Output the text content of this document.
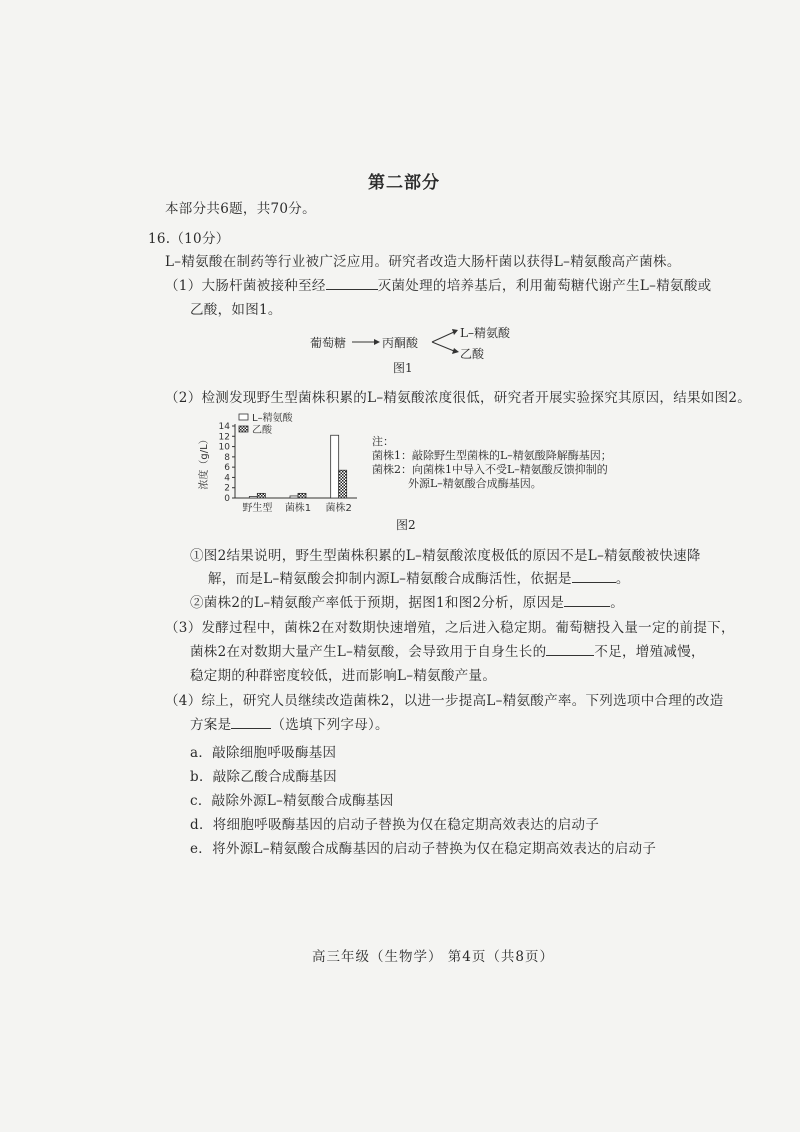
第二部分
本部分共6题，共70分。
16.（10分）
L–精氨酸在制药等行业被广泛应用。研究者改造大肠杆菌以获得L–精氨酸高产菌株。
（1）大肠杆菌被接种至经	灭菌处理的培养基后，利用葡萄糖代谢产生L–精氨酸或
乙酸，如图1。
葡萄糖	丙酮酸
L–精氨酸
乙酸
图1
（2）检测发现野生型菌株积累的L–精氨酸浓度很低，研究者开展实验探究其原因，结果如图2。
0
2
4
6
8
10
12
14
浓度（g/L）
野生型 菌株1 菌株2
L–精氨酸
乙酸
注：
菌株1：敲除野生型菌株的L–精氨酸降解酶基因；
菌株2：向菌株1中导入不受L–精氨酸反馈抑制的
外源L–精氨酸合成酶基因。
图2
①图2结果说明，野生型菌株积累的L–精氨酸浓度极低的原因不是L–精氨酸被快速降
解，而是L–精氨酸会抑制内源L–精氨酸合成酶活性，依据是	。
②菌株2的L–精氨酸产率低于预期，据图1和图2分析，原因是	。
（3）发酵过程中，菌株2在对数期快速增殖，之后进入稳定期。葡萄糖投入量一定的前提下，
菌株2在对数期大量产生L–精氨酸，会导致用于自身生长的	不足，增殖减慢，
稳定期的种群密度较低，进而影响L–精氨酸产量。
（4）综上，研究人员继续改造菌株2，以进一步提高L–精氨酸产率。下列选项中合理的改造
方案是	（选填下列字母）。
a．敲除细胞呼吸酶基因
b．敲除乙酸合成酶基因
c．敲除外源L–精氨酸合成酶基因
d．将细胞呼吸酶基因的启动子替换为仅在稳定期高效表达的启动子
e．将外源L–精氨酸合成酶基因的启动子替换为仅在稳定期高效表达的启动子
高三年级（生物学） 第4页（共8页）
